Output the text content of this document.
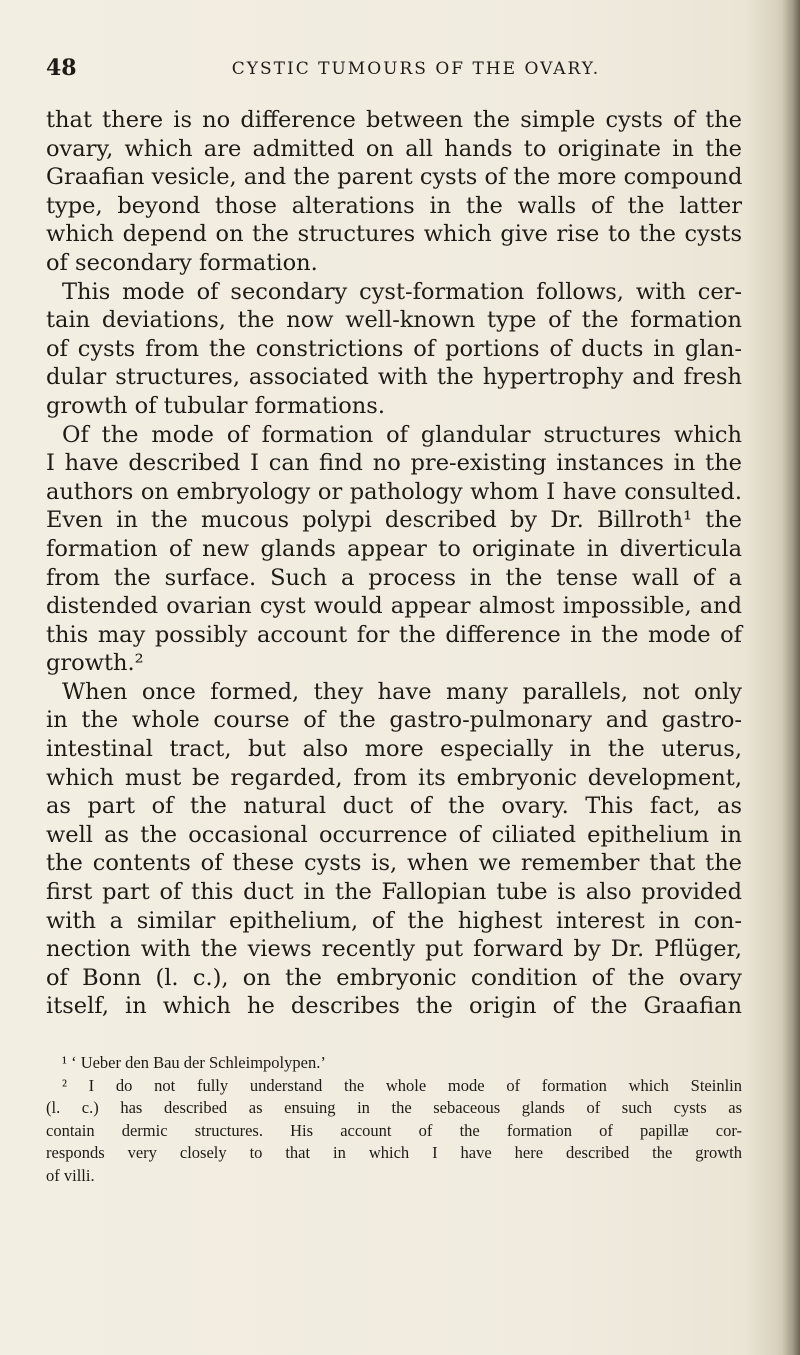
48	CYSTIC TUMOURS OF THE OVARY.
that there is no difference between the simple cysts of the
ovary, which are admitted on all hands to originate in the
Graafian vesicle, and the parent cysts of the more compound
type, beyond those alterations in the walls of the latter
which depend on the structures which give rise to the cysts
of secondary formation.
This mode of secondary cyst-formation follows, with cer-
tain deviations, the now well-known type of the formation
of cysts from the constrictions of portions of ducts in glan-
dular structures, associated with the hypertrophy and fresh
growth of tubular formations.
Of the mode of formation of glandular structures which
I have described I can find no pre-existing instances in the
authors on embryology or pathology whom I have consulted.
Even in the mucous polypi described by Dr. Billroth¹ the
formation of new glands appear to originate in diverticula
from the surface. Such a process in the tense wall of a
distended ovarian cyst would appear almost impossible, and
this may possibly account for the difference in the mode of
growth.²
When once formed, they have many parallels, not only
in the whole course of the gastro-pulmonary and gastro-
intestinal tract, but also more especially in the uterus,
which must be regarded, from its embryonic development,
as part of the natural duct of the ovary. This fact, as
well as the occasional occurrence of ciliated epithelium in
the contents of these cysts is, when we remember that the
first part of this duct in the Fallopian tube is also provided
with a similar epithelium, of the highest interest in con-
nection with the views recently put forward by Dr. Pflüger,
of Bonn (l. c.), on the embryonic condition of the ovary
itself, in which he describes the origin of the Graafian
¹ ‘ Ueber den Bau der Schleimpolypen.’
² I do not fully understand the whole mode of formation which Steinlin
(l. c.) has described as ensuing in the sebaceous glands of such cysts as
contain dermic structures. His account of the formation of papillæ cor-
responds very closely to that in which I have here described the growth
of villi.
